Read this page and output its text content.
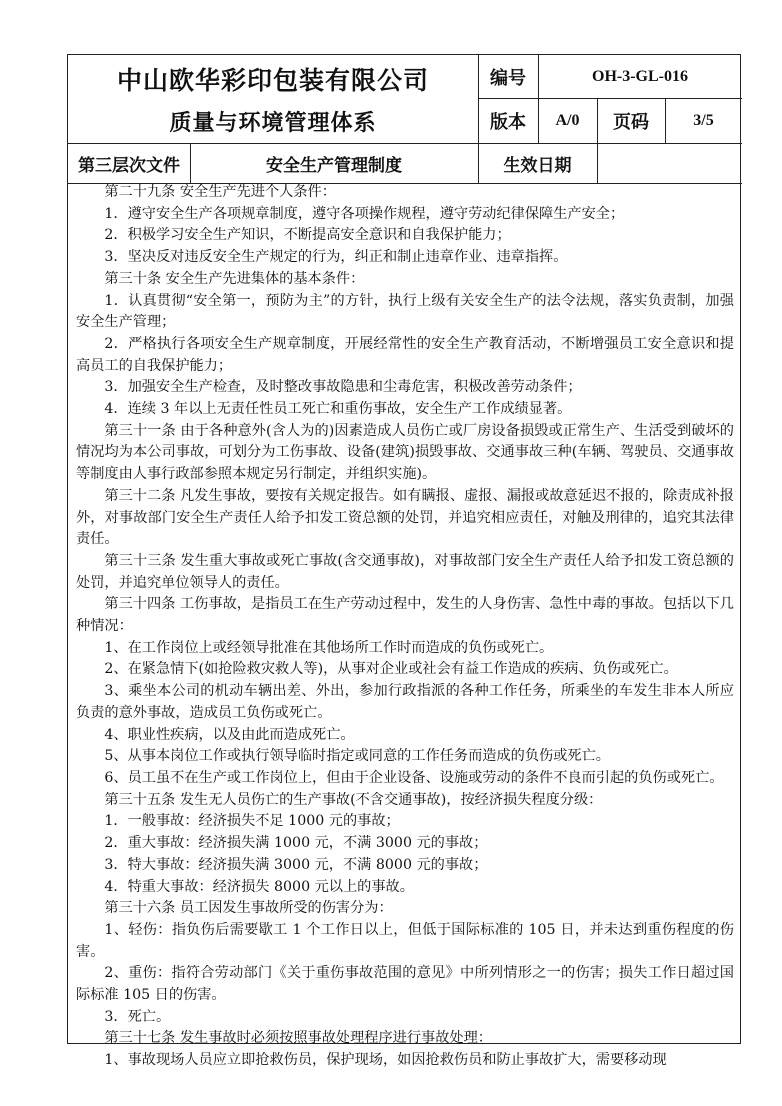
中山欧华彩印包装有限公司
质量与环境管理体系
编号	OH-3-GL-016
版本	A/0	页码	3/5
第三层次文件	安全生产管理制度	生效日期

第二十九条 安全生产先进个人条件：

1．遵守安全生产各项规章制度，遵守各项操作规程，遵守劳动纪律保障生产安全；

2．积极学习安全生产知识，不断提高安全意识和自我保护能力；

3．坚决反对违反安全生产规定的行为，纠正和制止违章作业、违章指挥。

第三十条 安全生产先进集体的基本条件：

1．认真贯彻“安全第一，预防为主”的方针，执行上级有关安全生产的法令法规，落实负责制，加强安全生产管理；

2．严格执行各项安全生产规章制度，开展经常性的安全生产教育活动，不断增强员工安全意识和提高员工的自我保护能力；

3．加强安全生产检查，及时整改事故隐患和尘毒危害，积极改善劳动条件；

4．连续 3 年以上无责任性员工死亡和重伤事故，安全生产工作成绩显著。

第三十一条 由于各种意外(含人为的)因素造成人员伤亡或厂房设备损毁或正常生产、生活受到破坏的情况均为本公司事故，可划分为工伤事故、设备(建筑)损毁事故、交通事故三种(车辆、驾驶员、交通事故等制度由人事行政部参照本规定另行制定，并组织实施)。

第三十二条 凡发生事故，要按有关规定报告。如有瞒报、虚报、漏报或故意延迟不报的，除责成补报外，对事故部门安全生产责任人给予扣发工资总额的处罚，并追究相应责任，对触及刑律的，追究其法律责任。

第三十三条 发生重大事故或死亡事故(含交通事故)，对事故部门安全生产责任人给予扣发工资总额的处罚，并追究单位领导人的责任。

第三十四条 工伤事故，是指员工在生产劳动过程中，发生的人身伤害、急性中毒的事故。包括以下几种情况：

1、在工作岗位上或经领导批准在其他场所工作时而造成的负伤或死亡。

2、在紧急情下(如抢险救灾救人等)，从事对企业或社会有益工作造成的疾病、负伤或死亡。

3、乘坐本公司的机动车辆出差、外出，参加行政指派的各种工作任务，所乘坐的车发生非本人所应负责的意外事故，造成员工负伤或死亡。

4、职业性疾病，以及由此而造成死亡。

5、从事本岗位工作或执行领导临时指定或同意的工作任务而造成的负伤或死亡。

6、员工虽不在生产或工作岗位上，但由于企业设备、设施或劳动的条件不良而引起的负伤或死亡。

第三十五条 发生无人员伤亡的生产事故(不含交通事故)，按经济损失程度分级：

1．一般事故：经济损失不足 1000 元的事故；

2．重大事故：经济损失满 1000 元，不满 3000 元的事故；

3．特大事故：经济损失满 3000 元，不满 8000 元的事故；

4．特重大事故：经济损失 8000 元以上的事故。

第三十六条 员工因发生事故所受的伤害分为：

1、轻伤：指负伤后需要歇工 1 个工作日以上，但低于国际标准的 105 日，并未达到重伤程度的伤害。

2、重伤：指符合劳动部门《关于重伤事故范围的意见》中所列情形之一的伤害；损失工作日超过国际标准 105 日的伤害。

3．死亡。

第三十七条 发生事故时必须按照事故处理程序进行事故处理：

1、事故现场人员应立即抢救伤员，保护现场，如因抢救伤员和防止事故扩大，需要移动现
